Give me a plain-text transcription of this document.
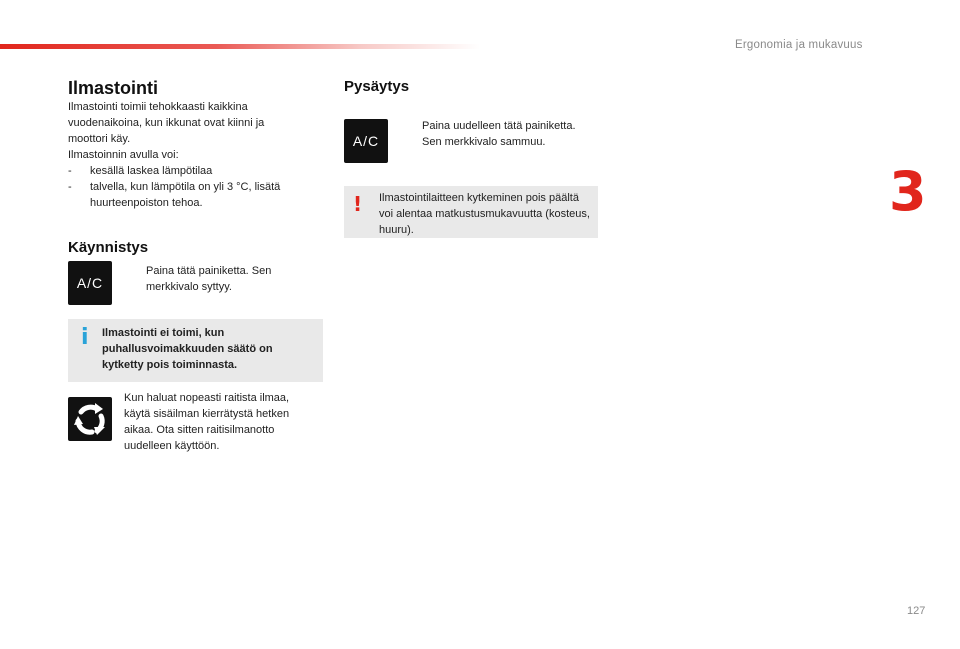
Ergonomia ja mukavuus
3
Ilmastointi

Ilmastointi toimii tehokkaasti kaikkina

vuodenaikoina, kun ikkunat ovat kiinni ja

moottori käy.

Ilmastoinnin avulla voi:

- kesällä laskea lämpötilaa
- talvella, kun lämpötila on yli 3 °C, lisätä huurteenpoiston tehoa.
Käynnistys
A/C
Paina tätä painiketta. Sen merkkivalo syttyy.
i Ilmastointi ei toimi, kun puhallusvoimakkuuden säätö on kytketty pois toiminnasta.
Kun haluat nopeasti raitista ilmaa, käytä sisäilman kierrätystä hetken aikaa. Ota sitten raitisilmanotto uudelleen käyttöön.
Pysäytys
A/C
Paina uudelleen tätä painiketta. Sen merkkivalo sammuu.
! Ilmastointilaitteen kytkeminen pois päältä voi alentaa matkustusmukavuutta (kosteus, huuru).
127
